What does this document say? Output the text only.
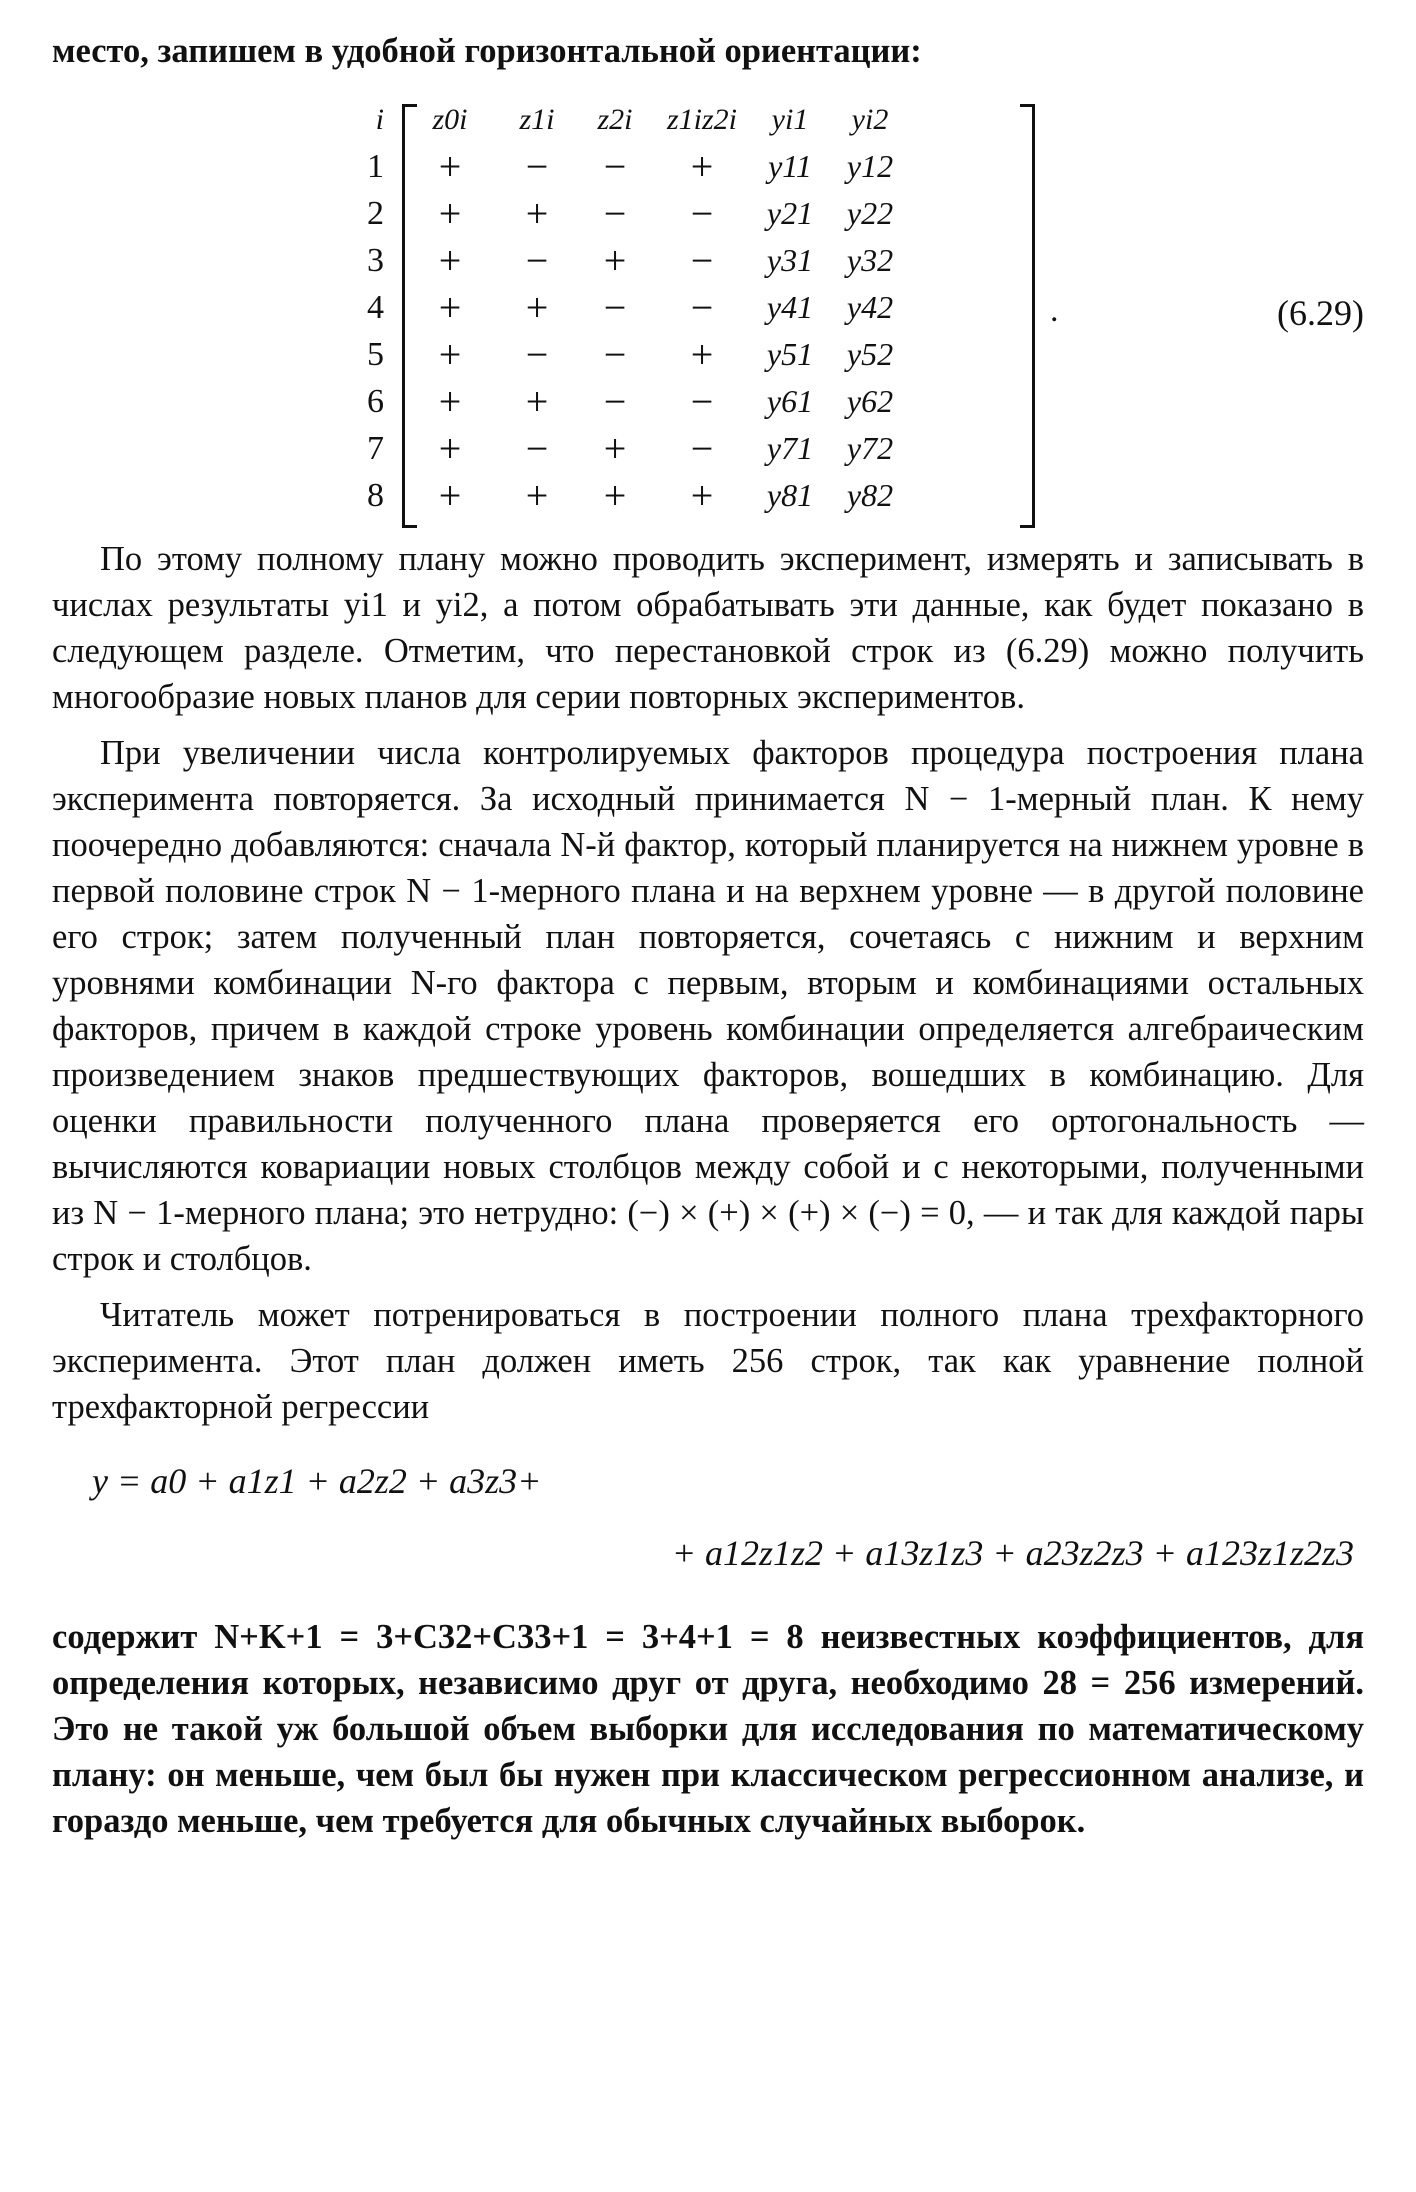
место, запишем в удобной горизонтальной ориентации:

i	z0i	z1i	z2i	z1iz2i	yi1	yi2
1	+	−	−	+	y11	y12
2	+	+	−	−	y21	y22
3	+	−	+	−	y31	y32
4	+	+	−	−	y41	y42
5	+	−	−	+	y51	y52
6	+	+	−	−	y61	y62
7	+	−	+	−	y71	y72
8	+	+	+	+	y81	y82
.	(6.29)

По этому полному плану можно проводить эксперимент, измерять и записывать в числах результаты yi1 и yi2, а потом обрабатывать эти данные, как будет показано в следующем разделе. Отметим, что перестановкой строк из (6.29) можно получить многообразие новых планов для серии повторных экспериментов.

При увеличении числа контролируемых факторов процедура построения плана эксперимента повторяется. За исходный принимается N − 1-мерный план. К нему поочередно добавляются: сначала N-й фактор, который планируется на нижнем уровне в первой половине строк N − 1-мерного плана и на верхнем уровне — в другой половине его строк; затем полученный план повторяется, сочетаясь с нижним и верхним уровнями комбинации N-го фактора с первым, вторым и комбинациями остальных факторов, причем в каждой строке уровень комбинации определяется алгебраическим произведением знаков предшествующих факторов, вошедших в комбинацию. Для оценки правильности полученного плана проверяется его ортогональность — вычисляются ковариации новых столбцов между собой и с некоторыми, полученными из N − 1-мерного плана; это нетрудно: (−) × (+) × (+) × (−) = 0, — и так для каждой пары строк и столбцов.

Читатель может потренироваться в построении полного плана трехфакторного эксперимента. Этот план должен иметь 256 строк, так как уравнение полной трехфакторной регрессии

y = a0 + a1z1 + a2z2 + a3z3+
+ a12z1z2 + a13z1z3 + a23z2z3 + a123z1z2z3

содержит N+K+1 = 3+C32+C33+1 = 3+4+1 = 8 неизвестных коэффициентов, для определения которых, независимо друг от друга, необходимо 28 = 256 измерений. Это не такой уж большой объем выборки для исследования по математическому плану: он меньше, чем был бы нужен при классическом регрессионном анализе, и гораздо меньше, чем требуется для обычных случайных выборок.
